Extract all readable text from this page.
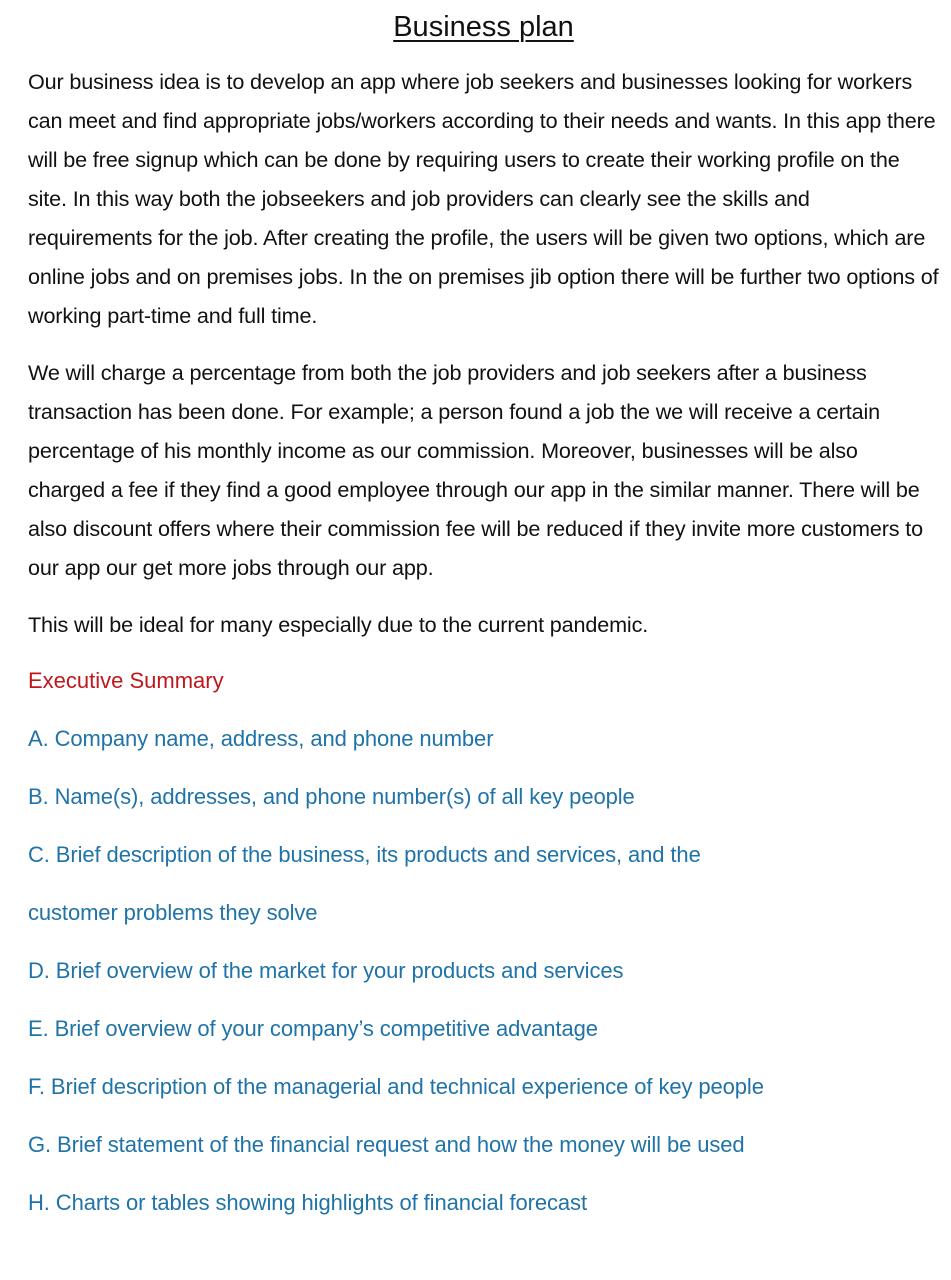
Business plan

Our business idea is to develop an app where job seekers and businesses looking for workers can meet and find appropriate jobs/workers according to their needs and wants. In this app there will be free signup which can be done by requiring users to create their working profile on the site. In this way both the jobseekers and job providers can clearly see the skills and requirements for the job. After creating the profile, the users will be given two options, which are online jobs and on premises jobs. In the on premises jib option there will be further two options of working part-time and full time.

We will charge a percentage from both the job providers and job seekers after a business transaction has been done. For example; a person found a job the we will receive a certain percentage of his monthly income as our commission. Moreover, businesses will be also charged a fee if they find a good employee through our app in the similar manner. There will be also discount offers where their commission fee will be reduced if they invite more customers to our app our get more jobs through our app.

This will be ideal for many especially due to the current pandemic.

Executive Summary
A. Company name, address, and phone number
B. Name(s), addresses, and phone number(s) of all key people
C. Brief description of the business, its products and services, and the
customer problems they solve
D. Brief overview of the market for your products and services
E. Brief overview of your company’s competitive advantage
F. Brief description of the managerial and technical experience of key people
G. Brief statement of the financial request and how the money will be used
H. Charts or tables showing highlights of financial forecast
